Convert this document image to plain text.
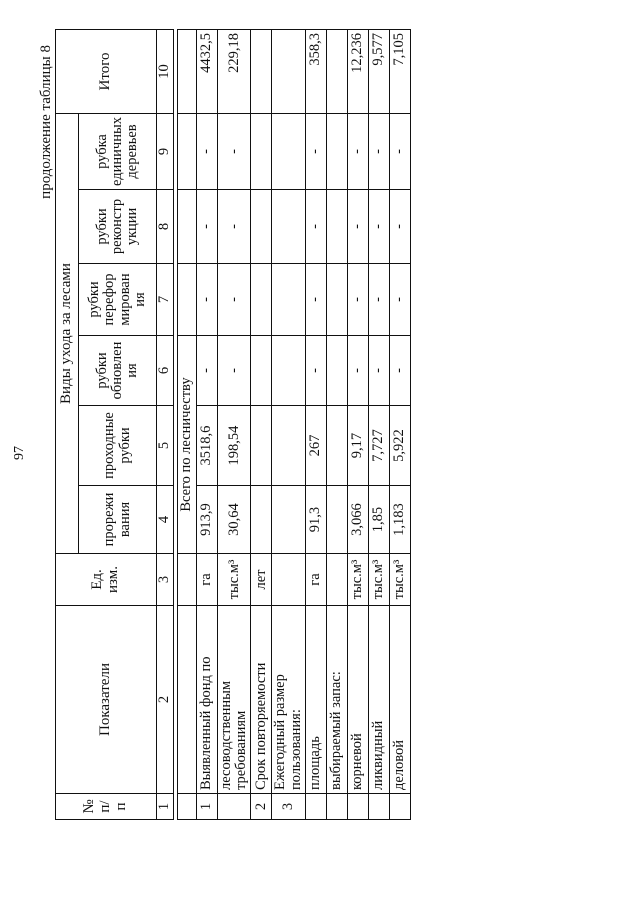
97
продолжение таблицы 8
№ п/п	Показатели	Ед. изм.	Виды ухода за лесами						Итого
			прорежи вания	проходные рубки	рубки обновлен ия	рубки перефор мирован ия	рубки реконстр укции	рубка единичных деревьев	
1	2	3	4	5	6	7	8	9	10

			Всего по лесничеству						
1	Выявленный фонд по	га	913,9	3518,6	-	-	-	-	4432,5
	лесоводственным требованиям	тыс.м³	30,64	198,54	-	-	-	-	229,18
2	Срок повторяемости	лет							
3	Ежегодный размер пользования:								
	площадь	га	91,3	267	-	-	-	-	358,3
	выбираемый запас:								
	корневой	тыс.м³	3,066	9,17	-	-	-	-	12,236
	ликвидный	тыс.м³	1,85	7,727	-	-	-	-	9,577
	деловой	тыс.м³	1,183	5,922	-	-	-	-	7,105
